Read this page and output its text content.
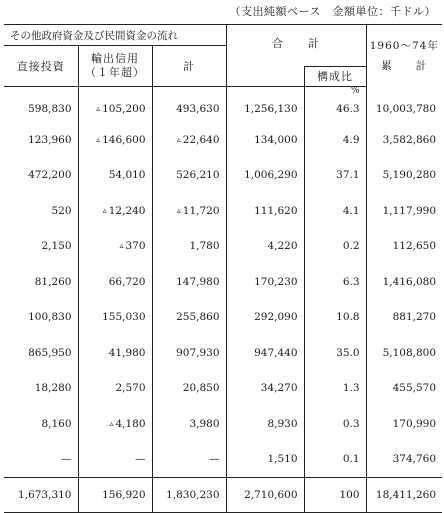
（支出純額ベース　金額単位：千ドル）
その他政府資金及び民間資金の流れ			合　　計		1960〜74年
累　　計

直接投資	輸出信用
（１年超）	計			
				構成比	
				%	
598,830	▵ 105,200	493,630	1,256,130	46.3	10,003,780
123,960	▵ 146,600	▵ 22,640	134,000	4.9	3,582,860
472,200	54,010	526,210	1,006,290	37.1	5,190,280
520	▵ 12,240	▵ 11,720	111,620	4.1	1,117,990
2,150	▵ 370	1,780	4,220	0.2	112,650
81,260	66,720	147,980	170,230	6.3	1,416,080
100,830	155,030	255,860	292,090	10.8	881,270
865,950	41,980	907,930	947,440	35.0	5,108,800
18,280	2,570	20,850	34,270	1.3	455,570
8,160	▵ 4,180	3,980	8,930	0.3	170,990
—	—	—	1,510	0.1	374,760
1,673,310	156,920	1,830,230	2,710,600	100	18,411,260
